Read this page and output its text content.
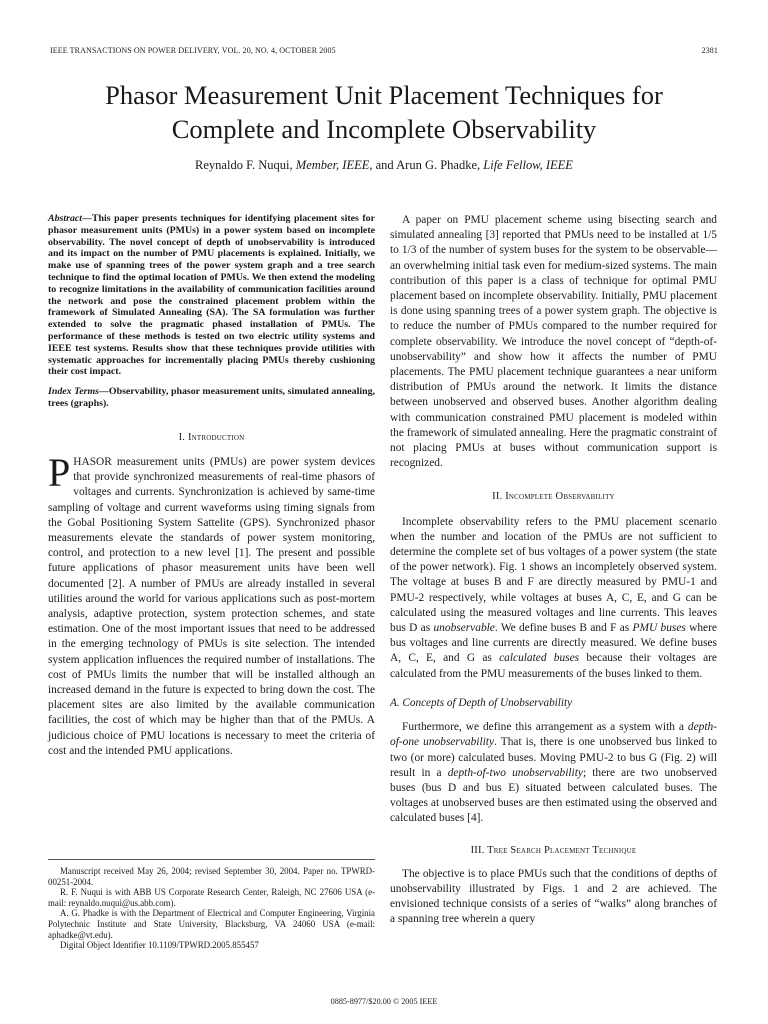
IEEE TRANSACTIONS ON POWER DELIVERY, VOL. 20, NO. 4, OCTOBER 2005	2381
Phasor Measurement Unit Placement Techniques for
Complete and Incomplete Observability
Reynaldo F. Nuqui, Member, IEEE, and Arun G. Phadke, Life Fellow, IEEE
Abstract—This paper presents techniques for identifying placement sites for phasor measurement units (PMUs) in a power system based on incomplete observability. The novel concept of depth of unobservability is introduced and its impact on the number of PMU placements is explained. Initially, we make use of spanning trees of the power system graph and a tree search technique to find the optimal location of PMUs. We then extend the modeling to recognize limitations in the availability of communication facilities around the network and pose the constrained placement problem within the framework of Simulated Annealing (SA). The SA formulation was further extended to solve the pragmatic phased installation of PMUs. The performance of these methods is tested on two electric utility systems and IEEE test systems. Results show that these techniques provide utilities with systematic approaches for incrementally placing PMUs thereby cushioning their cost impact.
Index Terms—Observability, phasor measurement units, simulated annealing, trees (graphs).
I. Introduction

PHASOR measurement units (PMUs) are power system devices that provide synchronized measurements of real-time phasors of voltages and currents. Synchronization is achieved by same-time sampling of voltage and current waveforms using timing signals from the Gobal Positioning System Sattelite (GPS). Synchronized phasor measurements elevate the standards of power system monitoring, control, and protection to a new level [1]. The present and possible future applications of phasor measurement units have been well documented [2]. A number of PMUs are already installed in several utilities around the world for various applications such as post-mortem analysis, adaptive protection, system protection schemes, and state estimation. One of the most important issues that need to be addressed in the emerging technology of PMUs is site selection. The intended system application influences the required number of installations. The cost of PMUs limits the number that will be installed although an increased demand in the future is expected to bring down the cost. The placement sites are also limited by the available communication facilities, the cost of which may be higher than that of the PMUs. A judicious choice of PMU locations is necessary to meet the criteria of cost and the intended PMU applications.

Manuscript received May 26, 2004; revised September 30, 2004. Paper no. TPWRD-00251-2004.

R. F. Nuqui is with ABB US Corporate Research Center, Raleigh, NC 27606 USA (e-mail: reynaldo.nuqui@us.abb.com).

A. G. Phadke is with the Department of Electrical and Computer Engineering, Virginia Polytechnic Institute and State University, Blacksburg, VA 24060 USA (e-mail: aphadke@vt.edu).

Digital Object Identifier 10.1109/TPWRD.2005.855457

A paper on PMU placement scheme using bisecting search and simulated annealing [3] reported that PMUs need to be installed at 1/5 to 1/3 of the number of system buses for the system to be observable—an overwhelming initial task even for medium-sized systems. The main contribution of this paper is a class of technique for optimal PMU placement based on incomplete observability. Initially, PMU placement is done using spanning trees of a power system graph. The objective is to reduce the number of PMUs compared to the number required for complete observability. We introduce the novel concept of “depth-of-unobservability” and show how it affects the number of PMU placements. The PMU placement technique guarantees a near uniform distribution of PMUs around the network. It limits the distance between unobserved and observed buses. Another algorithm dealing with communication constrained PMU placement is modeled within the framework of simulated annealing. Here the pragmatic constraint of not placing PMUs at buses without communication support is recognized.

II. Incomplete Observability

Incomplete observability refers to the PMU placement scenario when the number and location of the PMUs are not sufficient to determine the complete set of bus voltages of a power system (the state of the power network). Fig. 1 shows an incompletely observed system. The voltage at buses B and F are directly measured by PMU-1 and PMU-2 respectively, while voltages at buses A, C, E, and G can be calculated using the measured voltages and line currents. This leaves bus D as unobservable. We define buses B and F as PMU buses where bus voltages and line currents are directly measured. We define buses A, C, E, and G as calculated buses because their voltages are calculated from the PMU measurements of the buses linked to them.

A. Concepts of Depth of Unobservability

Furthermore, we define this arrangement as a system with a depth-of-one unobservability. That is, there is one unobserved bus linked to two (or more) calculated buses. Moving PMU-2 to bus G (Fig. 2) will result in a depth-of-two unobservability; there are two unobserved buses (bus D and bus E) situated between calculated buses. The voltages at unobserved buses are then estimated using the observed and calculated buses [4].

III. Tree Search Placement Technique

The objective is to place PMUs such that the conditions of depths of unobservability illustrated by Figs. 1 and 2 are achieved. The envisioned technique consists of a series of “walks” along branches of a spanning tree wherein a query

0885-8977/$20.00 © 2005 IEEE
